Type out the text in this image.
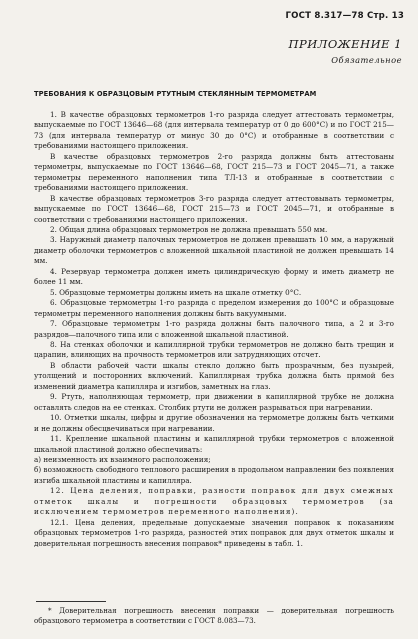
ГОСТ 8.317—78 Стр. 13
ПРИЛОЖЕНИЕ 1
Обязательное
ТРЕБОВАНИЯ К ОБРАЗЦОВЫМ РТУТНЫМ СТЕКЛЯННЫМ ТЕРМОМЕТРАМ

1. В качестве образцовых термометров 1-го разряда следует аттестовать термометры, выпускаемые по ГОСТ 13646—68 (для интервала температур от 0 до 600°С) и по ГОСТ 215—73 (для интервала температур от минус 30 до 0°С) и отобранные в соответствии с требованиями настоящего приложения.

В качестве образцовых термометров 2-го разряда должны быть аттестованы термометры, выпускаемые по ГОСТ 13646—68, ГОСТ 215—73 и ГОСТ 2045—71, а также термометры переменного наполнения типа ТЛ-13 и отобранные в соответствии с требованиями настоящего приложения.

В качестве образцовых термометров 3-го разряда следует аттестовывать термометры, выпускаемые по ГОСТ 13646—68, ГОСТ 215—73 и ГОСТ 2045—71, и отобранные в соответствии с требованиями настоящего приложения.

2. Общая длина образцовых термометров не должна превышать 550 мм.

3. Наружный диаметр палочных термометров не должен превышать 10 мм, а наружный диаметр оболочки термометров с вложенной шкальной пластиной не должен превышать 14 мм.

4. Резервуар термометра должен иметь цилиндрическую форму и иметь диаметр не более 11 мм.

5. Образцовые термометры должны иметь на шкале отметку 0°С.

6. Образцовые термометры 1-го разряда с пределом измерения до 100°С и образцовые термометры переменного наполнения должны быть вакуумными.

7. Образцовые термометры 1-го разряда должны быть палочного типа, а 2 и 3-го разрядов—палочного типа или с вложенной шкальной пластиной.

8. На стенках оболочки и капиллярной трубки термометров не должно быть трещин и царапин, влияющих на прочность термометров или затрудняющих отсчет.

В области рабочей части шкалы стекло должно быть прозрачным, без пузырей, утолщений и посторонних включений. Капиллярная трубка должна быть прямой без изменений диаметра капилляра и изгибов, заметных на глаз.

9. Ртуть, наполняющая термометр, при движении в капиллярной трубке не должна оставлять следов на ее стенках. Столбик ртути не должен разрываться при нагревании.

10. Отметки шкалы, цифры и другие обозначения на термометре должны быть четкими и не должны обесцвечиваться при нагревании.

11. Крепление шкальной пластины и капиллярной трубки термометров с вложенной шкальной пластиной должно обеспечивать:

а) неизменность их взаимного расположения;

б) возможность свободного теплового расширения в продольном направлении без появления изгиба шкальной пластины и капилляра.

12. Цена деления, поправки, разности поправок для двух смежных отметок шкалы и погрешности образцовых термометров (за исключением термометров переменного наполнения).

12.1. Цена деления, предельные допускаемые значения поправок к показаниям образцовых термометров 1-го разряда, разностей этих поправок для двух отметок шкалы и доверительная погрешность внесения поправок* приведены в табл. 1.

* Доверительная погрешность внесения поправки — доверительная погрешность образцового термометра в соответствии с ГОСТ 8.083—73.
